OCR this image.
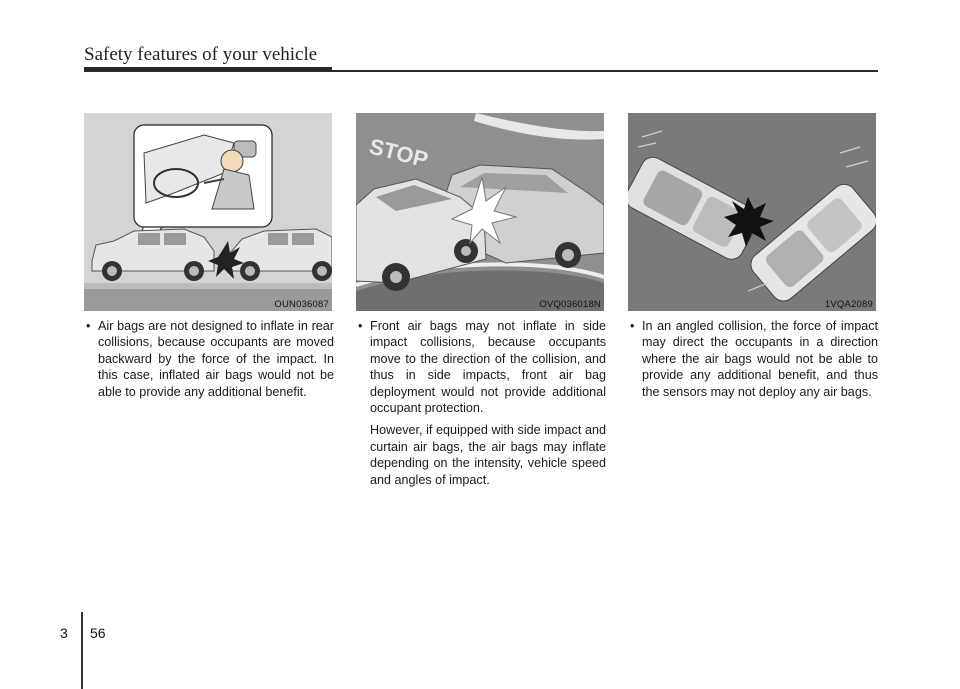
Safety features of your vehicle
OUN036087
STOP
OVQ036018N	1VQA2089

• Air bags are not designed to inflate in rear collisions, because occupants are moved backward by the force of the impact. In this case, inflated air bags would not be able to provide any additional benefit.

• Front air bags may not inflate in side impact collisions, because occupants move to the direction of the collision, and thus in side impacts, front air bag deployment would not provide additional occupant protection.

However, if equipped with side impact and curtain air bags, the air bags may inflate depending on the intensity, vehicle speed and angles of impact.

• In an angled collision, the force of impact may direct the occupants in a direction where the air bags would not be able to provide any additional benefit, and thus the sensors may not deploy any air bags.

3 56
